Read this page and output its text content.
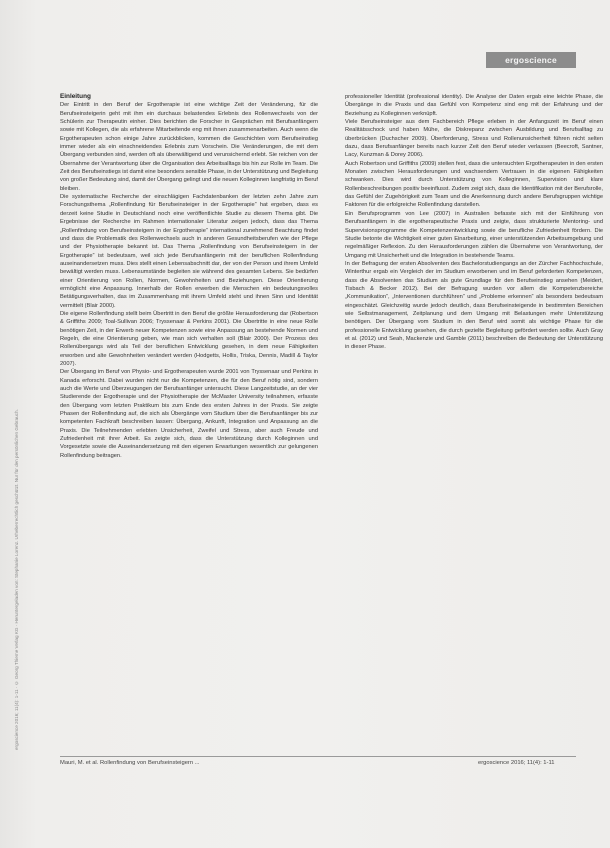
ergoscience
ergoscience 2016; 11(4): 1-11 · © Georg Thieme Verlag KG · Heruntergeladen von: Stephanie Lorenz. Urheberrechtlich geschützt. Nur für den persönlichen Gebrauch.
Einleitung

Der Eintritt in den Beruf der Ergotherapie ist eine wichtige Zeit der Veränderung, für die Berufseinsteigerin geht mit ihm ein durchaus belastendes Erlebnis des Rollenwechsels von der Schülerin zur Therapeutin einher. Dies berichten die Forscher in Gesprächen mit Berufsanfängern sowie mit Kollegen, die als erfahrene Mitarbeitende eng mit ihnen zusammenarbeiten. Auch wenn die Ergotherapeuten schon einige Jahre zurückblicken, kommen die Geschichten vom Berufseinstieg immer wieder als ein einschneidendes Erlebnis zum Vorschein. Die Veränderungen, die mit dem Übergang verbunden sind, werden oft als überwältigend und verunsichernd erlebt. Sie reichen von der Übernahme der Verantwortung über die Organisation des Arbeitsalltags bis hin zur Rolle im Team. Die Zeit des Berufseinstiegs ist damit eine besonders sensible Phase, in der Unterstützung und Begleitung von großer Bedeutung sind, damit der Übergang gelingt und die neuen Kolleginnen langfristig im Beruf bleiben.

Die systematische Recherche der einschlägigen Fachdatenbanken der letzten zehn Jahre zum Forschungsthema „Rollenfindung für Berufseinsteiger in der Ergotherapie“ hat ergeben, dass es derzeit keine Studie in Deutschland noch eine veröffentlichte Studie zu diesem Thema gibt. Die Ergebnisse der Recherche im Rahmen internationaler Literatur zeigen jedoch, dass das Thema „Rollenfindung von Berufseinsteigern in der Ergotherapie“ international zunehmend Beachtung findet und dass die Problematik des Rollenwechsels auch in anderen Gesundheitsberufen wie der Pflege und der Physiotherapie bekannt ist. Das Thema „Rollenfindung von Berufseinsteigern in der Ergotherapie“ ist bedeutsam, weil sich jede Berufsanfängerin mit der beruflichen Rollenfindung auseinandersetzen muss. Dies stellt einen Lebensabschnitt dar, der von der Person und ihrem Umfeld bewältigt werden muss. Lebensumstände begleiten sie während des gesamten Lebens. Sie bedürfen einer Orientierung von Rollen, Normen, Gewohnheiten und Beziehungen. Diese Orientierung ermöglicht eine Anpassung. Innerhalb der Rollen erwerben die Menschen ein bedeutungsvolles Betätigungsverhalten, das im Zusammenhang mit ihrem Umfeld steht und ihnen Sinn und Identität vermittelt (Blair 2000).

Die eigene Rollenfindung stellt beim Übertritt in den Beruf die größte Herausforderung dar (Robertson & Griffiths 2009; Toal-Sullivan 2006; Tryssenaar & Perkins 2001). Die Übertritte in eine neue Rolle benötigen Zeit, in der Erwerb neuer Kompetenzen sowie eine Anpassung an bestehende Normen und Regeln, die eine Orientierung geben, wie man sich verhalten soll (Blair 2000). Der Prozess des Rollenübergangs wird als Teil der beruflichen Entwicklung gesehen, in dem neue Fähigkeiten erworben und alte Gewohnheiten verändert werden (Hodgetts, Hollis, Triska, Dennis, Madill & Taylor 2007).

Der Übergang im Beruf von Physio- und Ergotherapeuten wurde 2001 von Tryssenaar und Perkins in Kanada erforscht. Dabei wurden nicht nur die Kompetenzen, die für den Beruf nötig sind, sondern auch die Werte und Überzeugungen der Berufsanfänger untersucht. Diese Langzeitstudie, an der vier Studierende der Ergotherapie und der Physiotherapie der McMaster University teilnahmen, erfasste den Übergang vom letzten Praktikum bis zum Ende des ersten Jahres in der Praxis. Sie zeigte Phasen der Rollenfindung auf, die sich als Übergänge vom Studium über die Berufsanfänger bis zur kompetenten Fachkraft beschreiben lassen: Übergang, Ankunft, Integration und Anpassung an die Praxis. Die Teilnehmenden erlebten Unsicherheit, Zweifel und Stress, aber auch Freude und Zufriedenheit mit ihrer Arbeit. Es zeigte sich, dass die Unterstützung durch Kolleginnen und Vorgesetzte sowie die Auseinandersetzung mit den eigenen Erwartungen wesentlich zur gelungenen Rollenfindung beitragen.

professioneller Identität (professional identity). Die Analyse der Daten ergab eine leichte Phase, die Übergänge in die Praxis und das Gefühl von Kompetenz sind eng mit der Erfahrung und der Beziehung zu Kolleginnen verknüpft.

Viele Berufseinsteiger aus dem Fachbereich Pflege erleben in der Anfangszeit im Beruf einen Realitätsschock und haben Mühe, die Diskrepanz zwischen Ausbildung und Berufsalltag zu überbrücken (Duchscher 2009). Überforderung, Stress und Rollenunsicherheit führen nicht selten dazu, dass Berufsanfänger bereits nach kurzer Zeit den Beruf wieder verlassen (Beecroft, Santner, Lacy, Kunzman & Dorey 2006).

Auch Robertson und Griffiths (2009) stellen fest, dass die untersuchten Ergotherapeuten in den ersten Monaten zwischen Herausforderungen und wachsendem Vertrauen in die eigenen Fähigkeiten schwanken. Dies wird durch Unterstützung von Kolleginnen, Supervision und klare Rollenbeschreibungen positiv beeinflusst. Zudem zeigt sich, dass die Identifikation mit der Berufsrolle, das Gefühl der Zugehörigkeit zum Team und die Anerkennung durch andere Berufsgruppen wichtige Faktoren für die erfolgreiche Rollenfindung darstellen.

Ein Berufsprogramm von Lee (2007) in Australien befasste sich mit der Einführung von Berufsanfängern in die ergotherapeutische Praxis und zeigte, dass strukturierte Mentoring- und Supervisionsprogramme die Kompetenzentwicklung sowie die berufliche Zufriedenheit fördern. Die Studie betonte die Wichtigkeit einer guten Einarbeitung, einer unterstützenden Arbeitsumgebung und regelmäßiger Reflexion. Zu den Herausforderungen zählen die Übernahme von Verantwortung, der Umgang mit Unsicherheit und die Integration in bestehende Teams.

In der Befragung der ersten Absolventen des Bachelorstudiengangs an der Zürcher Fachhochschule, Winterthur ergab ein Vergleich der im Studium erworbenen und im Beruf geforderten Kompetenzen, dass die Absolventen das Studium als gute Grundlage für den Berufseinstieg ansehen (Meidert, Tisbach & Becker 2012). Bei der Befragung wurden vor allem die Kompetenzbereiche „Kommunikation“, „Interventionen durchführen“ und „Probleme erkennen“ als besonders bedeutsam eingeschätzt. Gleichzeitig wurde jedoch deutlich, dass Berufseinsteigende in bestimmten Bereichen wie Selbstmanagement, Zeitplanung und dem Umgang mit Belastungen mehr Unterstützung benötigen. Der Übergang vom Studium in den Beruf wird somit als wichtige Phase für die professionelle Entwicklung gesehen, die durch gezielte Begleitung gefördert werden sollte. Auch Gray et al. (2012) und Seah, Mackenzie und Gamble (2011) beschreiben die Bedeutung der Unterstützung in dieser Phase.

Mauri, M. et al. Rollenfindung von Berufseinsteigern ...	ergoscience 2016; 11(4): 1-11
